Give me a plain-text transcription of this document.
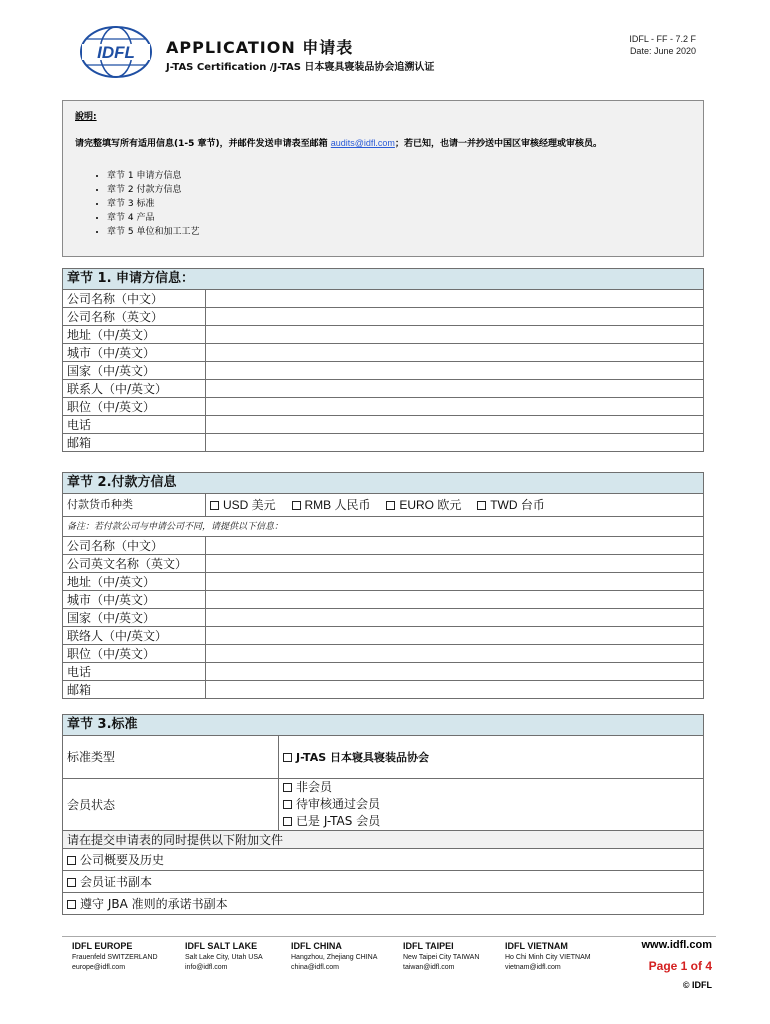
IDFL APPLICATION 申请表
J-TAS Certification /J-TAS 日本寝具寝装品协会追溯认证
IDFL - FF - 7.2 F
Date: June 2020
說明:
请完整填写所有适用信息(1-5 章节)，并邮件发送申请表至邮箱 audits@idfl.com；若已知，也请一并抄送中国区审核经理或审核员。
• 章节 1 申请方信息
• 章节 2 付款方信息
• 章节 3 标准
• 章节 4 产品
• 章节 5 单位和加工工艺
章节 1. 申请方信息：	
公司名称（中文）	
公司名称（英文）	
地址（中/英文）	
城市（中/英文）	
国家（中/英文）	
联系人（中/英文）	
职位（中/英文）	
电话	
邮箱	
章节 2.付款方信息	
付款货币种类	USD 美元 RMB 人民币 EURO 欧元 TWD 台币
备注：若付款公司与申请公司不同，请提供以下信息：	
公司名称（中文）	
公司英文名称（英文）	
地址（中/英文）	
城市（中/英文）	
国家（中/英文）	
联络人（中/英文）	
职位（中/英文）	
电话	
邮箱	
章节 3.标准	
标准类型	J-TAS 日本寝具寝装品协会
会员状态	非会员
待审核通过会员
已是 J-TAS 会员

请在提交申请表的同时提供以下附加文件	
公司概要及历史	
会员证书副本	
遵守 JBA 准则的承诺书副本	
IDFL EUROPE
Frauenfeld SWITZERLAND
europe@idfl.com
IDFL SALT LAKE
Salt Lake City, Utah USA
info@idfl.com
IDFL CHINA
Hangzhou, Zhejiang CHINA
china@idfl.com
IDFL TAIPEI
New Taipei City TAIWAN
taiwan@idfl.com
IDFL VIETNAM
Ho Chi Minh City VIETNAM
vietnam@idfl.com
www.idfl.com
Page 1 of 4
© IDFL
